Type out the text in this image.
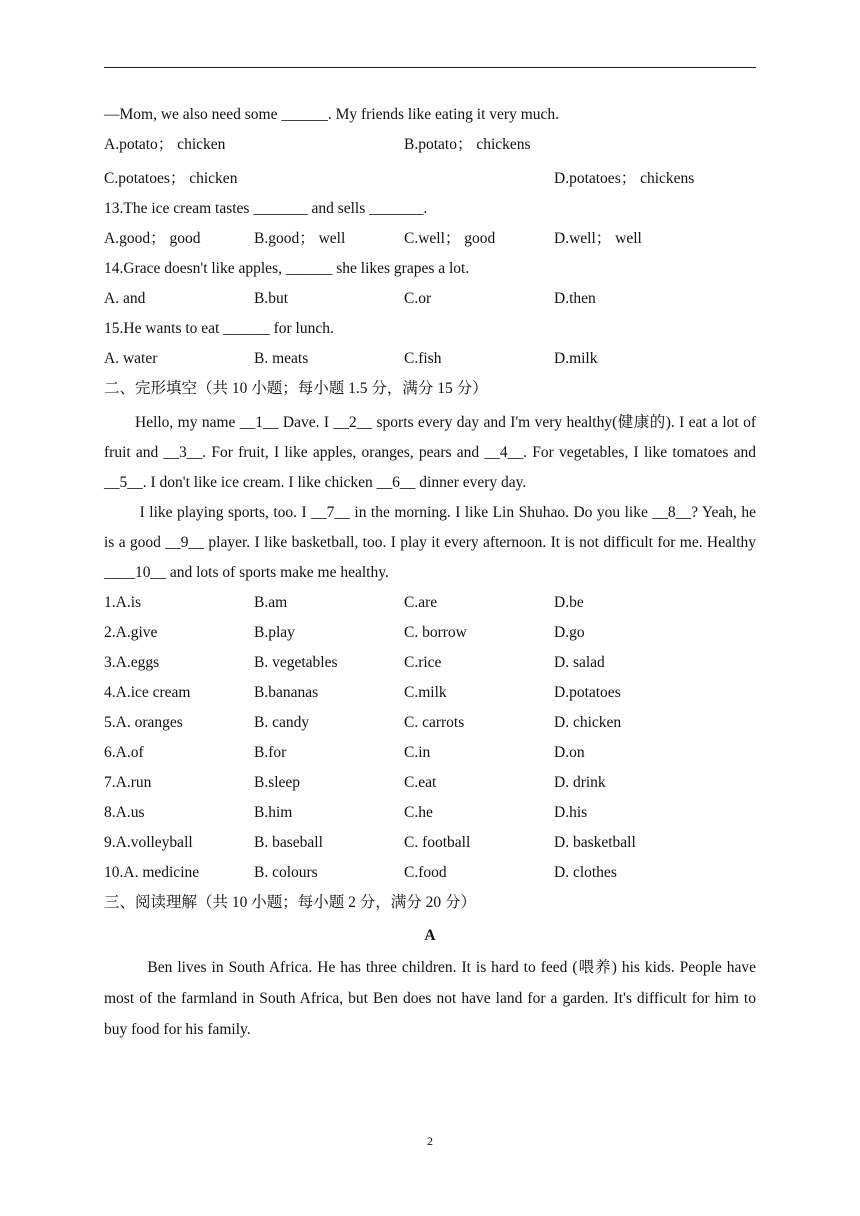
—Mom, we also need some ______. My friends like eating it very much.
A.potato； chicken	B.potato； chickens
C.potatoes； chicken	D.potatoes； chickens
13.The ice cream tastes _______ and sells _______.
A.good； good	B.good； well	C.well； good	D.well； well
14.Grace doesn't like apples, ______ she likes grapes a lot.
A. and	B.but	C.or	D.then
15.He wants to eat ______ for lunch.
A. water	B. meats	C.fish	D.milk
二、完形填空（共 10 小题；每小题 1.5 分，满分 15 分）
Hello, my name __1__ Dave. I __2__ sports every day and I'm very healthy(健康的). I eat a lot of fruit and __3__. For fruit, I like apples, oranges, pears and __4__. For vegetables, I like tomatoes and __5__. I don't like ice cream. I like chicken __6__ dinner every day.
I like playing sports, too. I __7__ in the morning. I like Lin Shuhao. Do you like __8__? Yeah, he is a good __9__ player. I like basketball, too. I play it every afternoon. It is not difficult for me. Healthy ____10__ and lots of sports make me healthy.
1.A.is	B.am	C.are	D.be
2.A.give	B.play	C. borrow	D.go
3.A.eggs	B. vegetables	C.rice	D. salad
4.A.ice cream	B.bananas	C.milk	D.potatoes
5.A. oranges	B. candy	C. carrots	D. chicken
6.A.of	B.for	C.in	D.on
7.A.run	B.sleep	C.eat	D. drink
8.A.us	B.him	C.he	D.his
9.A.volleyball	B. baseball	C. football	D. basketball
10.A. medicine	B. colours	C.food	D. clothes
三、阅读理解（共 10 小题；每小题 2 分，满分 20 分）
A
Ben lives in South Africa. He has three children. It is hard to feed (喂养) his kids. People have most of the farmland in South Africa, but Ben does not have land for a garden. It's difficult for him to buy food for his family.
2
